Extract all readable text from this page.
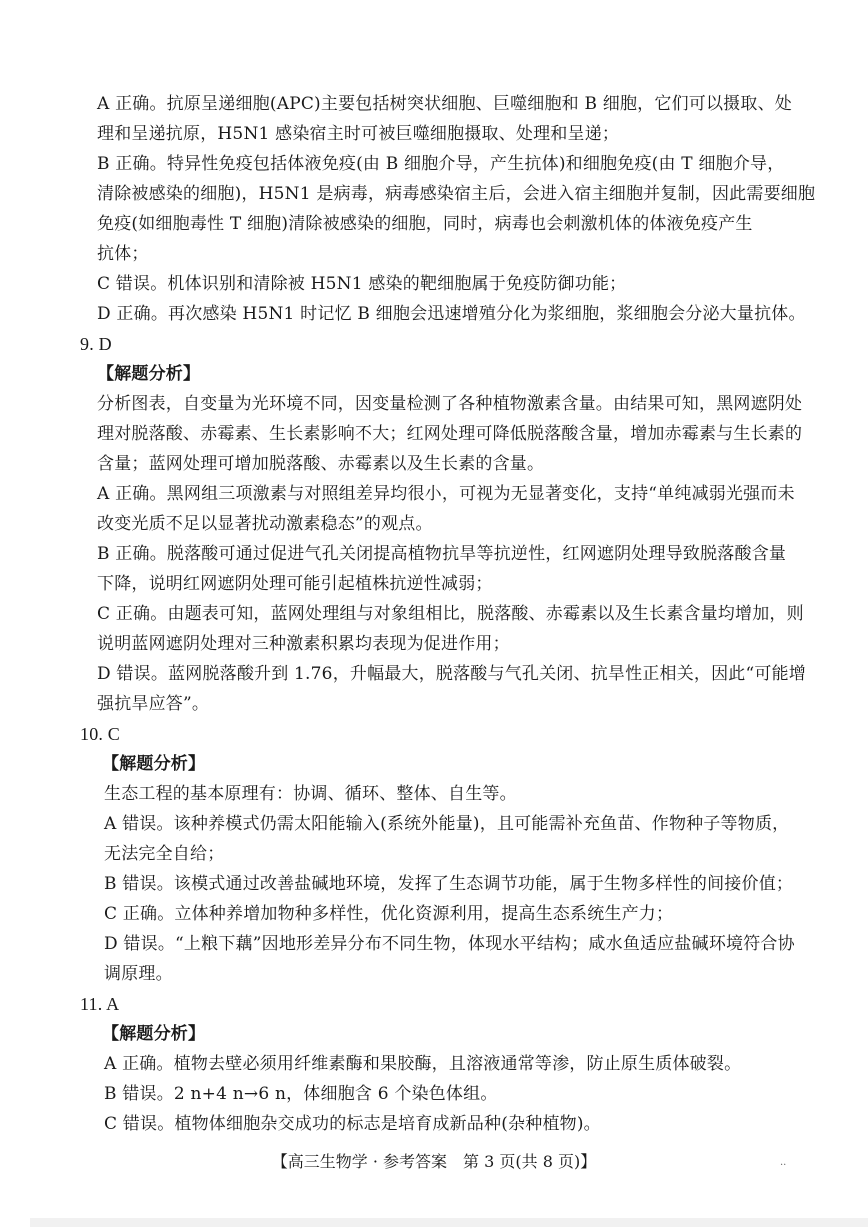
A 正确。抗原呈递细胞(APC)主要包括树突状细胞、巨噬细胞和 B 细胞，它们可以摄取、处
理和呈递抗原，H5N1 感染宿主时可被巨噬细胞摄取、处理和呈递；
B 正确。特异性免疫包括体液免疫(由 B 细胞介导，产生抗体)和细胞免疫(由 T 细胞介导，
清除被感染的细胞)，H5N1 是病毒，病毒感染宿主后，会进入宿主细胞并复制，因此需要细胞
免疫(如细胞毒性 T 细胞)清除被感染的细胞，同时，病毒也会刺激机体的体液免疫产生
抗体；
C 错误。机体识别和清除被 H5N1 感染的靶细胞属于免疫防御功能；
D 正确。再次感染 H5N1 时记忆 B 细胞会迅速增殖分化为浆细胞，浆细胞会分泌大量抗体。
9. D
【解题分析】
分析图表，自变量为光环境不同，因变量检测了各种植物激素含量。由结果可知，黑网遮阴处
理对脱落酸、赤霉素、生长素影响不大；红网处理可降低脱落酸含量，增加赤霉素与生长素的
含量；蓝网处理可增加脱落酸、赤霉素以及生长素的含量。
A 正确。黑网组三项激素与对照组差异均很小，可视为无显著变化，支持“单纯减弱光强而未
改变光质不足以显著扰动激素稳态”的观点。
B 正确。脱落酸可通过促进气孔关闭提高植物抗旱等抗逆性，红网遮阴处理导致脱落酸含量
下降，说明红网遮阴处理可能引起植株抗逆性减弱；
C 正确。由题表可知，蓝网处理组与对象组相比，脱落酸、赤霉素以及生长素含量均增加，则
说明蓝网遮阴处理对三种激素积累均表现为促进作用；
D 错误。蓝网脱落酸升到 1.76，升幅最大，脱落酸与气孔关闭、抗旱性正相关，因此“可能增
强抗旱应答”。
10. C
【解题分析】
生态工程的基本原理有：协调、循环、整体、自生等。
A 错误。该种养模式仍需太阳能输入(系统外能量)，且可能需补充鱼苗、作物种子等物质，
无法完全自给；
B 错误。该模式通过改善盐碱地环境，发挥了生态调节功能，属于生物多样性的间接价值；
C 正确。立体种养增加物种多样性，优化资源利用，提高生态系统生产力；
D 错误。“上粮下藕”因地形差异分布不同生物，体现水平结构；咸水鱼适应盐碱环境符合协
调原理。
11. A
【解题分析】
A 正确。植物去壁必须用纤维素酶和果胶酶，且溶液通常等渗，防止原生质体破裂。
B 错误。2 n+4 n→6 n，体细胞含 6 个染色体组。
C 错误。植物体细胞杂交成功的标志是培育成新品种(杂种植物)。
【高三生物学 · 参考答案　第 3 页(共 8 页)】	..
